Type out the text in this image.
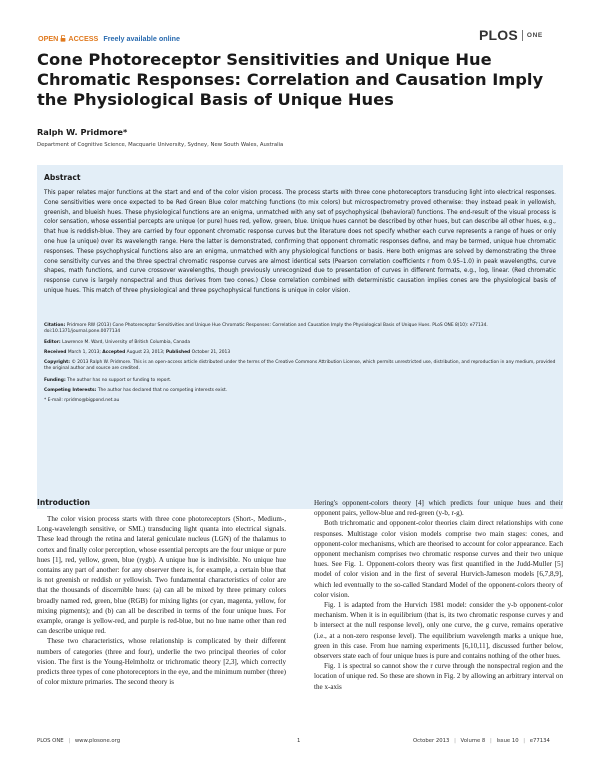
OPEN ACCESS Freely available online	PLOS ONE
Cone Photoreceptor Sensitivities and Unique Hue Chromatic Responses: Correlation and Causation Imply the Physiological Basis of Unique Hues
Ralph W. Pridmore*
Department of Cognitive Science, Macquarie University, Sydney, New South Wales, Australia
Abstract
This paper relates major functions at the start and end of the color vision process. The process starts with three cone photoreceptors transducing light into electrical responses. Cone sensitivities were once expected to be Red Green Blue color matching functions (to mix colors) but microspectrometry proved otherwise: they instead peak in yellowish, greenish, and blueish hues. These physiological functions are an enigma, unmatched with any set of psychophysical (behavioral) functions. The end-result of the visual process is color sensation, whose essential percepts are unique (or pure) hues red, yellow, green, blue. Unique hues cannot be described by other hues, but can describe all other hues, e.g., that hue is reddish-blue. They are carried by four opponent chromatic response curves but the literature does not specify whether each curve represents a range of hues or only one hue (a unique) over its wavelength range. Here the latter is demonstrated, confirming that opponent chromatic responses define, and may be termed, unique hue chromatic responses. These psychophysical functions also are an enigma, unmatched with any physiological functions or basis. Here both enigmas are solved by demonstrating the three cone sensitivity curves and the three spectral chromatic response curves are almost identical sets (Pearson correlation coefficients r from 0.95–1.0) in peak wavelengths, curve shapes, math functions, and curve crossover wavelengths, though previously unrecognized due to presentation of curves in different formats, e.g., log, linear. (Red chromatic response curve is largely nonspectral and thus derives from two cones.) Close correlation combined with deterministic causation implies cones are the physiological basis of unique hues. This match of three physiological and three psychophysical functions is unique in color vision.
Citation: Pridmore RW (2013) Cone Photoreceptor Sensitivities and Unique Hue Chromatic Responses: Correlation and Causation Imply the Physiological Basis of Unique Hues. PLoS ONE 8(10): e77134. doi:10.1371/journal.pone.0077134
Editor: Lawrence M. Ward, University of British Columbia, Canada
Received March 1, 2013; Accepted August 23, 2013; Published October 21, 2013
Copyright: © 2013 Ralph W. Pridmore. This is an open-access article distributed under the terms of the Creative Commons Attribution License, which permits unrestricted use, distribution, and reproduction in any medium, provided the original author and source are credited.
Funding: The author has no support or funding to report.
Competing Interests: The author has declared that no competing interests exist.
* E-mail: rpridmo@bigpond.net.au
Introduction

The color vision process starts with three cone photoreceptors (Short-, Medium-, Long-wavelength sensitive, or SML) transducing light quanta into electrical signals. These lead through the retina and lateral geniculate nucleus (LGN) of the thalamus to cortex and finally color perception, whose essential percepts are the four unique or pure hues [1], red, yellow, green, blue (rygb). A unique hue is indivisible. No unique hue contains any part of another: for any observer there is, for example, a certain blue that is not greenish or reddish or yellowish. Two fundamental characteristics of color are that the thousands of discernible hues: (a) can all be mixed by three primary colors broadly named red, green, blue (RGB) for mixing lights (or cyan, magenta, yellow, for mixing pigments); and (b) can all be described in terms of the four unique hues. For example, orange is yellow-red, and purple is red-blue, but no hue name other than red can describe unique red.

These two characteristics, whose relationship is complicated by their different numbers of categories (three and four), underlie the two principal theories of color vision. The first is the Young-Helmholtz or trichromatic theory [2,3], which correctly predicts three types of cone photoreceptors in the eye, and the minimum number (three) of color mixture primaries. The second theory is

Hering's opponent-colors theory [4] which predicts four unique hues and their opponent pairs, yellow-blue and red-green (y-b, r-g).

Both trichromatic and opponent-color theories claim direct relationships with cone responses. Multistage color vision models comprise two main stages: cones, and opponent-color mechanisms, which are theorised to account for color appearance. Each opponent mechanism comprises two chromatic response curves and their two unique hues. See Fig. 1. Opponent-colors theory was first quantified in the Judd-Muller [5] model of color vision and in the first of several Hurvich-Jameson models [6,7,8,9], which led eventually to the so-called Standard Model of the opponent-colors theory of color vision.

Fig. 1 is adapted from the Hurvich 1981 model: consider the y-b opponent-color mechanism. When it is in equilibrium (that is, its two chromatic response curves y and b intersect at the null response level), only one curve, the g curve, remains operative (i.e., at a non-zero response level). The equilibrium wavelength marks a unique hue, green in this case. From hue naming experiments [6,10,11], discussed further below, observers state each of four unique hues is pure and contains nothing of the other hues.

Fig. 1 is spectral so cannot show the r curve through the nonspectral region and the location of unique red. So these are shown in Fig. 2 by allowing an arbitrary interval on the x-axis

PLOS ONE | www.plosone.org	1	October 2013 | Volume 8 | Issue 10 | e77134
